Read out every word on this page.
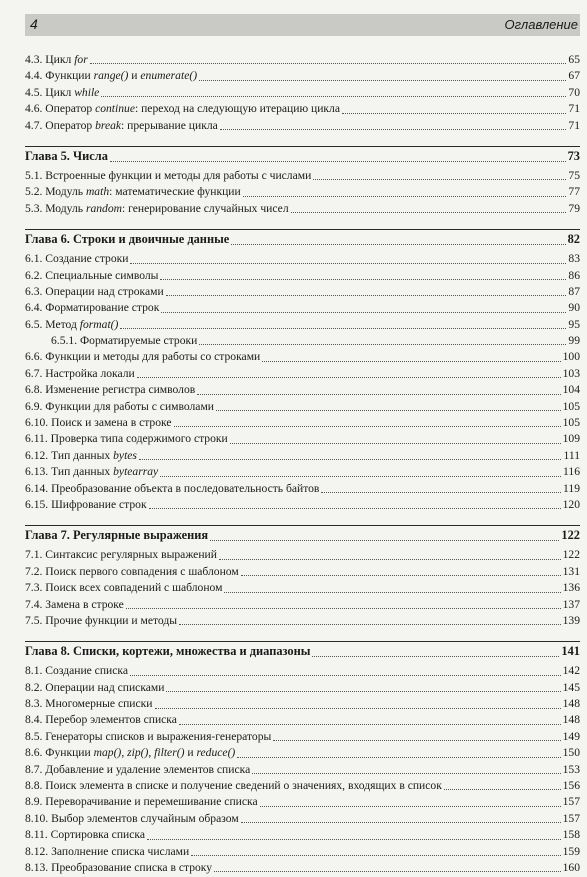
4	Оглавление
4.3. Цикл for	65
4.4. Функции range() и enumerate()	67
4.5. Цикл while	70
4.6. Оператор continue: переход на следующую итерацию цикла	71
4.7. Оператор break: прерывание цикла	71
Глава 5. Числа	73
5.1. Встроенные функции и методы для работы с числами	75
5.2. Модуль math: математические функции	77
5.3. Модуль random: генерирование случайных чисел	79
Глава 6. Строки и двоичные данные	82
6.1. Создание строки	83
6.2. Специальные символы	86
6.3. Операции над строками	87
6.4. Форматирование строк	90
6.5. Метод format()	95
6.5.1. Форматируемые строки	99
6.6. Функции и методы для работы со строками	100
6.7. Настройка локали	103
6.8. Изменение регистра символов	104
6.9. Функции для работы с символами	105
6.10. Поиск и замена в строке	105
6.11. Проверка типа содержимого строки	109
6.12. Тип данных bytes	111
6.13. Тип данных bytearray	116
6.14. Преобразование объекта в последовательность байтов	119
6.15. Шифрование строк	120
Глава 7. Регулярные выражения	122
7.1. Синтаксис регулярных выражений	122
7.2. Поиск первого совпадения с шаблоном	131
7.3. Поиск всех совпадений с шаблоном	136
7.4. Замена в строке	137
7.5. Прочие функции и методы	139
Глава 8. Списки, кортежи, множества и диапазоны	141
8.1. Создание списка	142
8.2. Операции над списками	145
8.3. Многомерные списки	148
8.4. Перебор элементов списка	148
8.5. Генераторы списков и выражения-генераторы	149
8.6. Функции map(), zip(), filter() и reduce()	150
8.7. Добавление и удаление элементов списка	153
8.8. Поиск элемента в списке и получение сведений о значениях, входящих в список	156
8.9. Переворачивание и перемешивание списка	157
8.10. Выбор элементов случайным образом	157
8.11. Сортировка списка	158
8.12. Заполнение списка числами	159
8.13. Преобразование списка в строку	160
